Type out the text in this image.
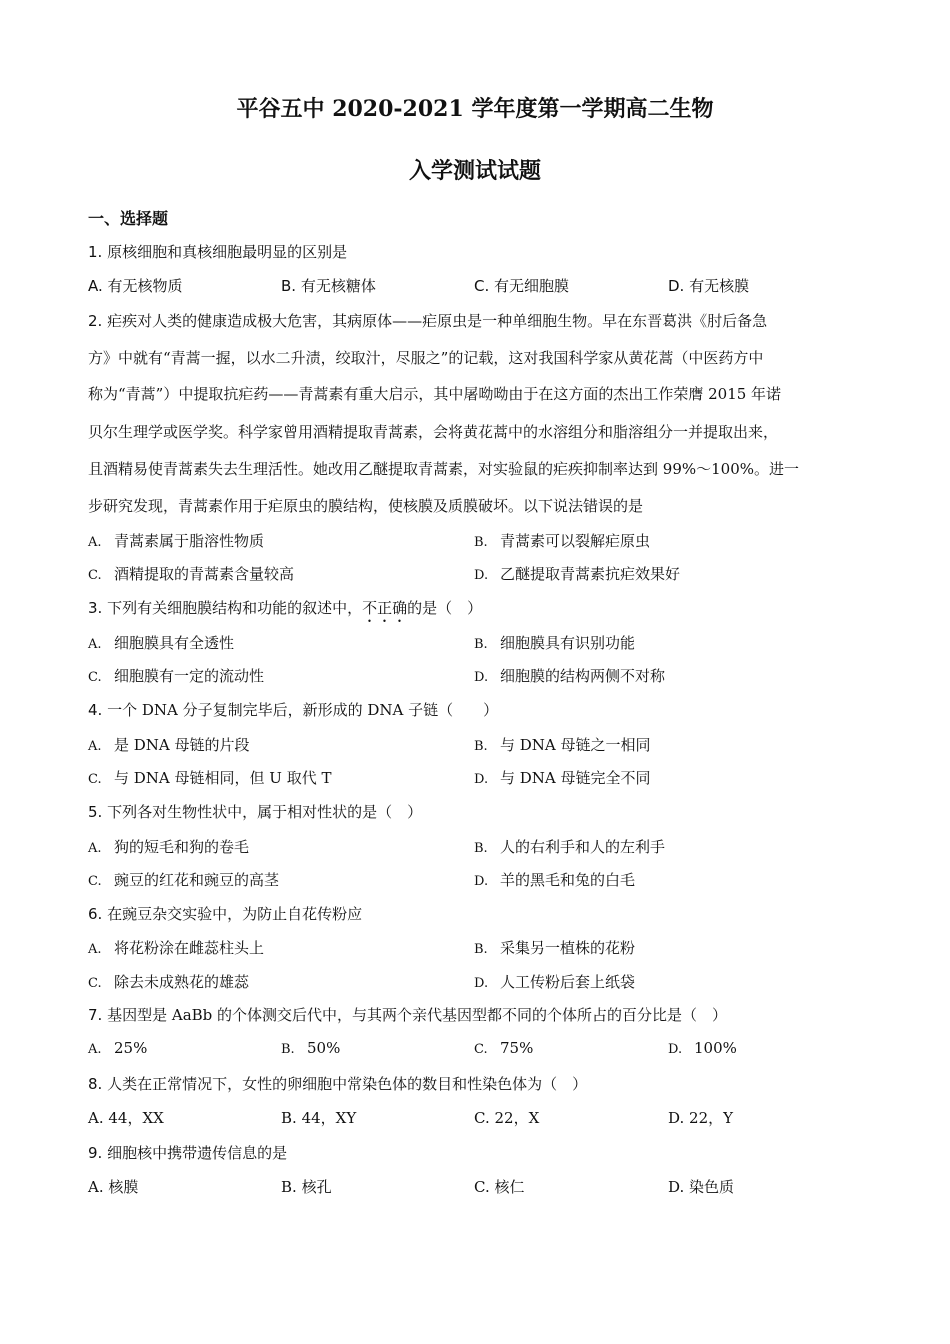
平谷五中 2020-2021 学年度第一学期高二生物
入学测试试题
一、选择题
1. 原核细胞和真核细胞最明显的区别是
A. 有无核物质	B. 有无核糖体	C. 有无细胞膜	D. 有无核膜
2. 疟疾对人类的健康造成极大危害，其病原体——疟原虫是一种单细胞生物。早在东晋葛洪《肘后备急
方》中就有“青蒿一握，以水二升渍，绞取汁，尽服之”的记载，这对我国科学家从黄花蒿（中医药方中
称为“青蒿”）中提取抗疟药——青蒿素有重大启示，其中屠呦呦由于在这方面的杰出工作荣膺 2015 年诺
贝尔生理学或医学奖。科学家曾用酒精提取青蒿素，会将黄花蒿中的水溶组分和脂溶组分一并提取出来，
且酒精易使青蒿素失去生理活性。她改用乙醚提取青蒿素，对实验鼠的疟疾抑制率达到 99%～100%。进一
步研究发现，青蒿素作用于疟原虫的膜结构，使核膜及质膜破坏。以下说法错误的是
A. 青蒿素属于脂溶性物质	B. 青蒿素可以裂解疟原虫
C. 酒精提取的青蒿素含量较高	D. 乙醚提取青蒿素抗疟效果好
3. 下列有关细胞膜结构和功能的叙述中，不正确的是（　）
A. 细胞膜具有全透性	B. 细胞膜具有识别功能
C. 细胞膜有一定的流动性	D. 细胞膜的结构两侧不对称
4. 一个 DNA 分子复制完毕后，新形成的 DNA 子链（　　）
A. 是 DNA 母链的片段	B. 与 DNA 母链之一相同
C. 与 DNA 母链相同，但 U 取代 T	D. 与 DNA 母链完全不同
5. 下列各对生物性状中，属于相对性状的是（　）
A. 狗的短毛和狗的卷毛	B. 人的右利手和人的左利手
C. 豌豆的红花和豌豆的高茎	D. 羊的黑毛和兔的白毛
6. 在豌豆杂交实验中，为防止自花传粉应
A. 将花粉涂在雌蕊柱头上	B. 采集另一植株的花粉
C. 除去未成熟花的雄蕊	D. 人工传粉后套上纸袋
7. 基因型是 AaBb 的个体测交后代中，与其两个亲代基因型都不同的个体所占的百分比是（　）
A. 25%	B. 50%	C. 75%	D. 100%
8. 人类在正常情况下，女性的卵细胞中常染色体的数目和性染色体为（　）
A. 44，XX	B. 44，XY	C. 22，X	D. 22，Y
9. 细胞核中携带遗传信息的是
A. 核膜	B. 核孔	C. 核仁	D. 染色质
